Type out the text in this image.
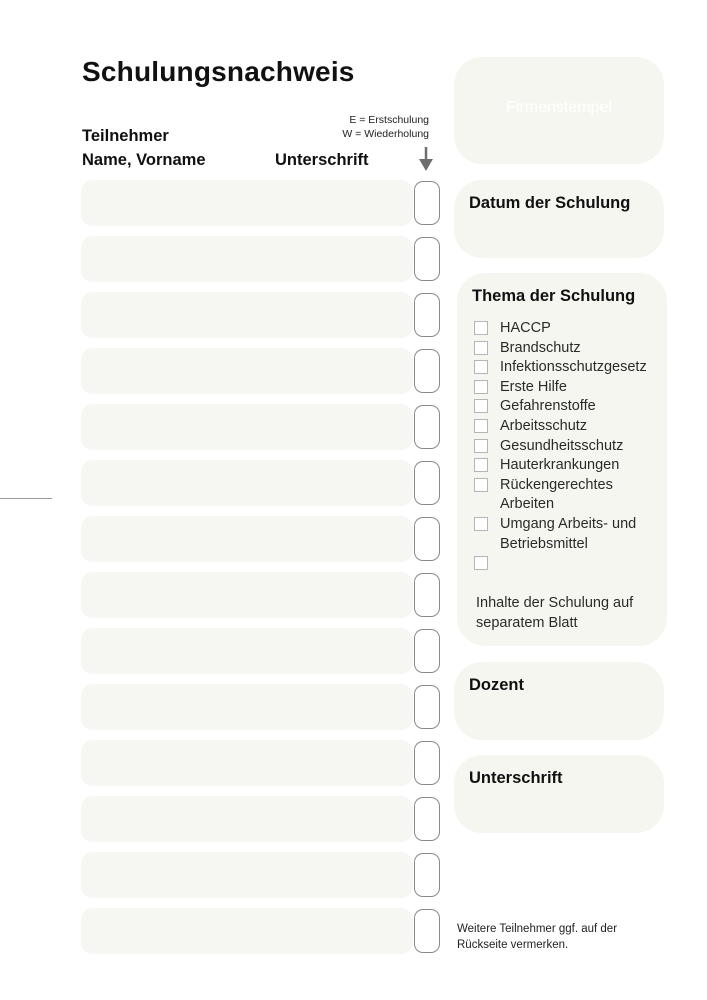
Schulungsnachweis
E = Erstschulung
W = Wiederholung
Teilnehmer
Name, Vorname	Unterschrift
Firmenstempel
Datum der Schulung
Thema der Schulung
HACCP
Brandschutz
Infektionsschutzgesetz
Erste Hilfe
Gefahrenstoffe
Arbeitsschutz
Gesundheitsschutz
Hauterkrankungen
Rückengerechtes Arbeiten
Umgang Arbeits- und Betriebsmittel
Inhalte der Schulung auf separatem Blatt
Dozent
Unterschrift
Weitere Teilnehmer ggf. auf der Rückseite vermerken.
